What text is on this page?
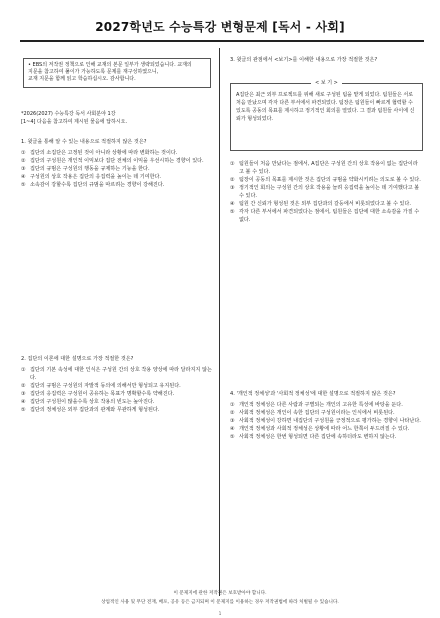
2027학년도 수능특강 변형문제 [독서 - 사회]

• EBS의 저작권 정책으로 인해 교재의 본문 일부가 생략되었습니다. 교재의

지문을 참고하여 풀이가 가능하도록 문제를 재구성하였으니,

교재 지문을 함께 읽고 학습하십시오. 감사합니다.

*2026(2027) 수능특강 독서 사회분야 1강

[1~4] 다음을 참고하여 제시된 물음에 답하시오.

1. 윗글을 통해 알 수 있는 내용으로 적절하지 않은 것은?

① 집단의 소집단은 고정된 것이 아니라 상황에 따라 변화하는 것이다.
② 집단의 구성원은 개인적 이익보다 집단 전체의 이익을 우선시하는 경향이 있다.
③ 집단의 규범은 구성원의 행동을 규제하는 기능을 한다.
④ 구성원의 상호 작용은 집단의 응집력을 높이는 데 기여한다.
⑤ 소속감이 강할수록 집단의 규범을 따르려는 경향이 강해진다.

2. 집단의 이론에 대한 설명으로 가장 적절한 것은?

① 집단의 기본 속성에 대한 인식은 구성원 간의 상호 작용 양상에 따라 달라지지 않는다.
② 집단의 규범은 구성원의 자발적 동의에 의해서만 형성되고 유지된다.
③ 집단의 응집력은 구성원이 공유하는 목표가 명확할수록 약해진다.
④ 집단의 구성원이 많을수록 상호 작용의 빈도는 높아진다.
⑤ 집단의 정체성은 외부 집단과의 관계와 무관하게 형성된다.

3. 윗글의 관점에서 <보기>를 이해한 내용으로 가장 적절한 것은?

< 보 기 >
A집단은 최근 외부 프로젝트를 위해 새로 구성된 팀을 맡게 되었다. 팀원들은 서로 처음 만났으며 각자 다른 부서에서 파견되었다. 팀장은 팀원들이 빠르게 협력할 수 있도록 공동의 목표를 제시하고 정기적인 회의를 열었다. 그 결과 팀원들 사이에 신뢰가 형성되었다.
① 팀원들이 처음 만났다는 점에서, A집단은 구성원 간의 상호 작용이 없는 집단이라고 볼 수 있다.
② 팀장이 공동의 목표를 제시한 것은 집단의 규범을 약화시키려는 의도로 볼 수 있다.
③ 정기적인 회의는 구성원 간의 상호 작용을 늘려 응집력을 높이는 데 기여했다고 볼 수 있다.
④ 팀원 간 신뢰가 형성된 것은 외부 집단과의 갈등에서 비롯되었다고 볼 수 있다.
⑤ 각자 다른 부서에서 파견되었다는 점에서, 팀원들은 집단에 대한 소속감을 가질 수 없다.

4. '개인적 정체성'과 '사회적 정체성'에 대한 설명으로 적절하지 않은 것은?

① 개인적 정체성은 다른 사람과 구별되는 개인의 고유한 특성에 바탕을 둔다.
② 사회적 정체성은 개인이 속한 집단의 구성원이라는 인식에서 비롯된다.
③ 사회적 정체성이 강하면 내집단의 구성원을 긍정적으로 평가하는 경향이 나타난다.
④ 개인적 정체성과 사회적 정체성은 상황에 따라 어느 한쪽이 두드러질 수 있다.
⑤ 사회적 정체성은 한번 형성되면 다른 집단에 속하더라도 변하지 않는다.
이 문제지에 관한 저작권은 보호받아야 합니다.
상업적인 사용 및 무단 전재, 배포, 공유 등은 금지되며 이 문제지를 이용하는 경우 저작권법에 따라 처벌될 수 있습니다.
1
